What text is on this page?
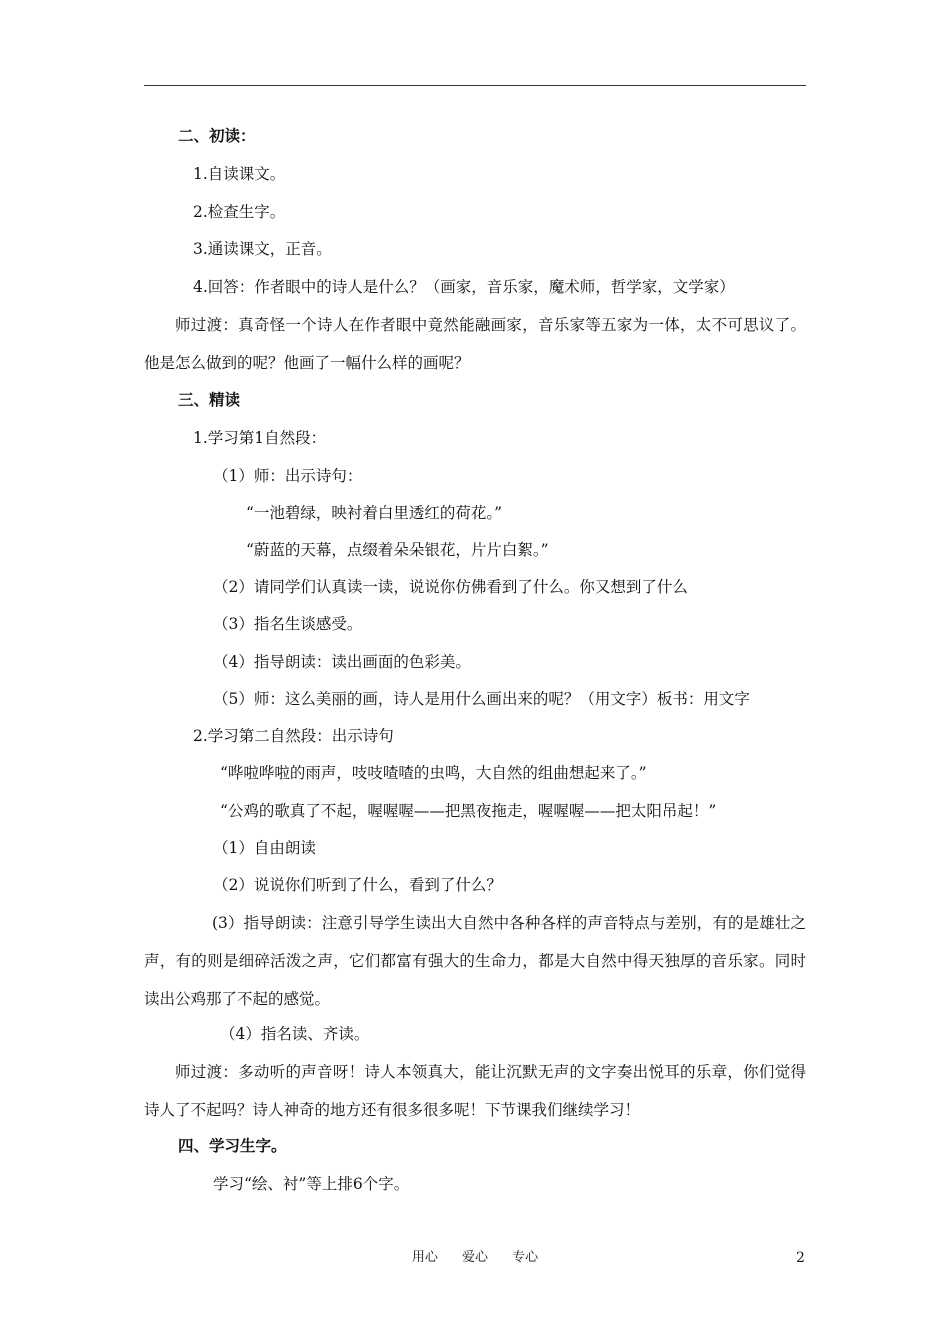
二、初读：
1.自读课文。
2.检查生字。
3.通读课文，正音。
4.回答：作者眼中的诗人是什么？（画家，音乐家，魔术师，哲学家，文学家）
师过渡：真奇怪一个诗人在作者眼中竟然能融画家，音乐家等五家为一体，太不可思议了。他是怎么做到的呢？他画了一幅什么样的画呢？
三、精读
1.学习第1自然段：
（1）师：出示诗句：
“一池碧绿，映衬着白里透红的荷花。”
“蔚蓝的天幕，点缀着朵朵银花，片片白絮。”
（2）请同学们认真读一读，说说你仿佛看到了什么。你又想到了什么
（3）指名生谈感受。
（4）指导朗读：读出画面的色彩美。
（5）师：这么美丽的画，诗人是用什么画出来的呢？（用文字）板书：用文字
2.学习第二自然段：出示诗句
“哗啦哗啦的雨声，吱吱喳喳的虫鸣，大自然的组曲想起来了。”
“公鸡的歌真了不起，喔喔喔——把黑夜拖走，喔喔喔——把太阳吊起！”
（1）自由朗读
（2）说说你们听到了什么，看到了什么？
(3）指导朗读：注意引导学生读出大自然中各种各样的声音特点与差别，有的是雄壮之声，有的则是细碎活泼之声，它们都富有强大的生命力，都是大自然中得天独厚的音乐家。同时读出公鸡那了不起的感觉。
（4）指名读、齐读。
师过渡：多动听的声音呀！诗人本领真大，能让沉默无声的文字奏出悦耳的乐章，你们觉得诗人了不起吗？诗人神奇的地方还有很多很多呢！下节课我们继续学习！
四、学习生字。
学习“绘、衬”等上排6个字。
用心 爱心 专心	2
